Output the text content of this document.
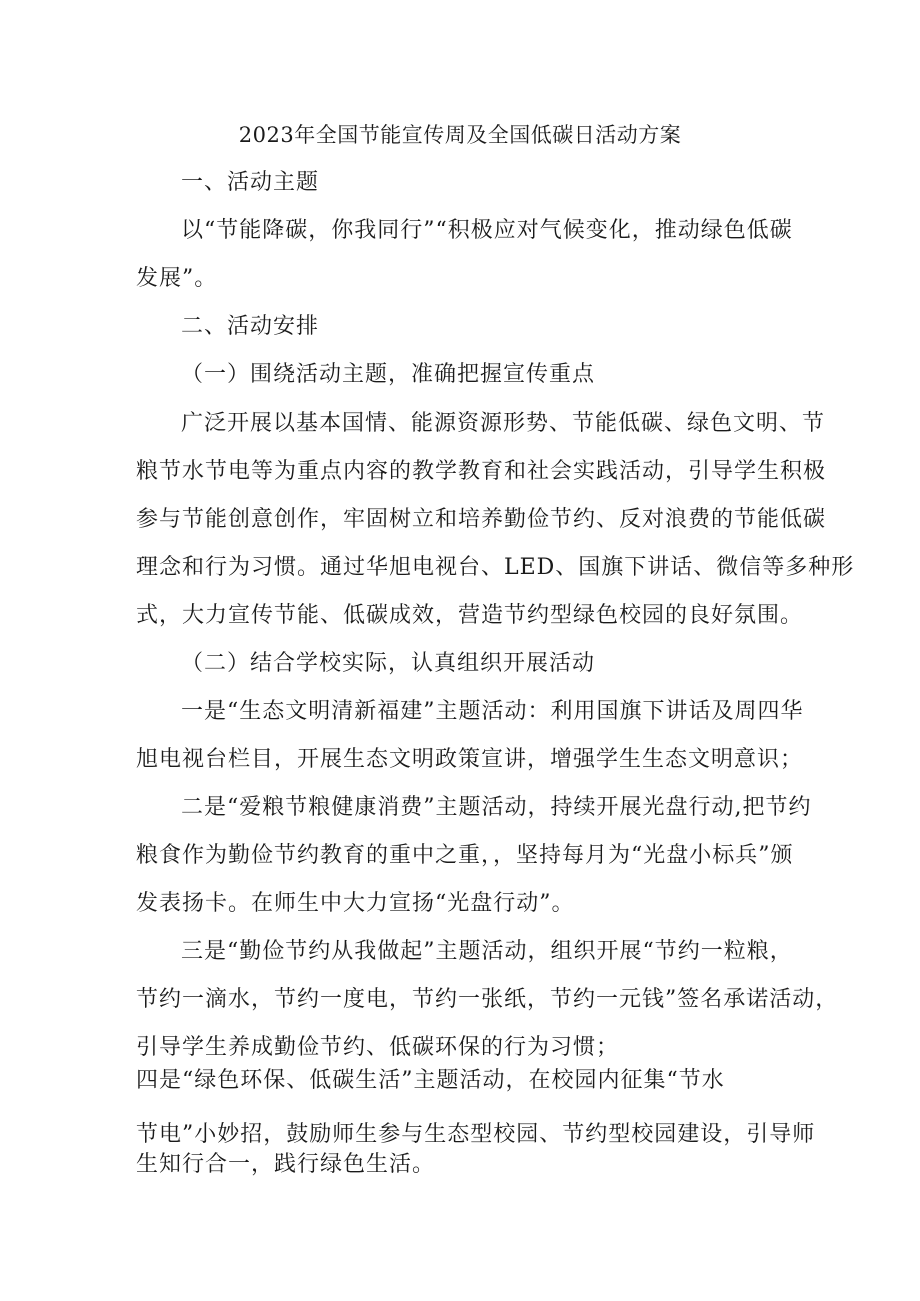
2023年全国节能宣传周及全国低碳日活动方案
一、活动主题
以“节能降碳，你我同行”“积极应对气候变化，推动绿色低碳
发展”。
二、活动安排
（一）围绕活动主题，准确把握宣传重点
广泛开展以基本国情、能源资源形势、节能低碳、绿色文明、节
粮节水节电等为重点内容的教学教育和社会实践活动，引导学生积极
参与节能创意创作，牢固树立和培养勤俭节约、反对浪费的节能低碳
理念和行为习惯。通过华旭电视台、LED、国旗下讲话、微信等多种形
式，大力宣传节能、低碳成效，营造节约型绿色校园的良好氛围。
（二）结合学校实际，认真组织开展活动
一是“生态文明清新福建”主题活动：利用国旗下讲话及周四华
旭电视台栏目，开展生态文明政策宣讲，增强学生生态文明意识；
二是“爱粮节粮健康消费”主题活动，持续开展光盘行动,把节约
粮食作为勤俭节约教育的重中之重，，坚持每月为“光盘小标兵”颁
发表扬卡。在师生中大力宣扬“光盘行动”。
三是“勤俭节约从我做起”主题活动，组织开展“节约一粒粮，
节约一滴水，节约一度电，节约一张纸，节约一元钱”签名承诺活动，
引导学生养成勤俭节约、低碳环保的行为习惯；
四是“绿色环保、低碳生活”主题活动，在校园内征集“节水
节电”小妙招，鼓励师生参与生态型校园、节约型校园建设，引导师
生知行合一，践行绿色生活。
